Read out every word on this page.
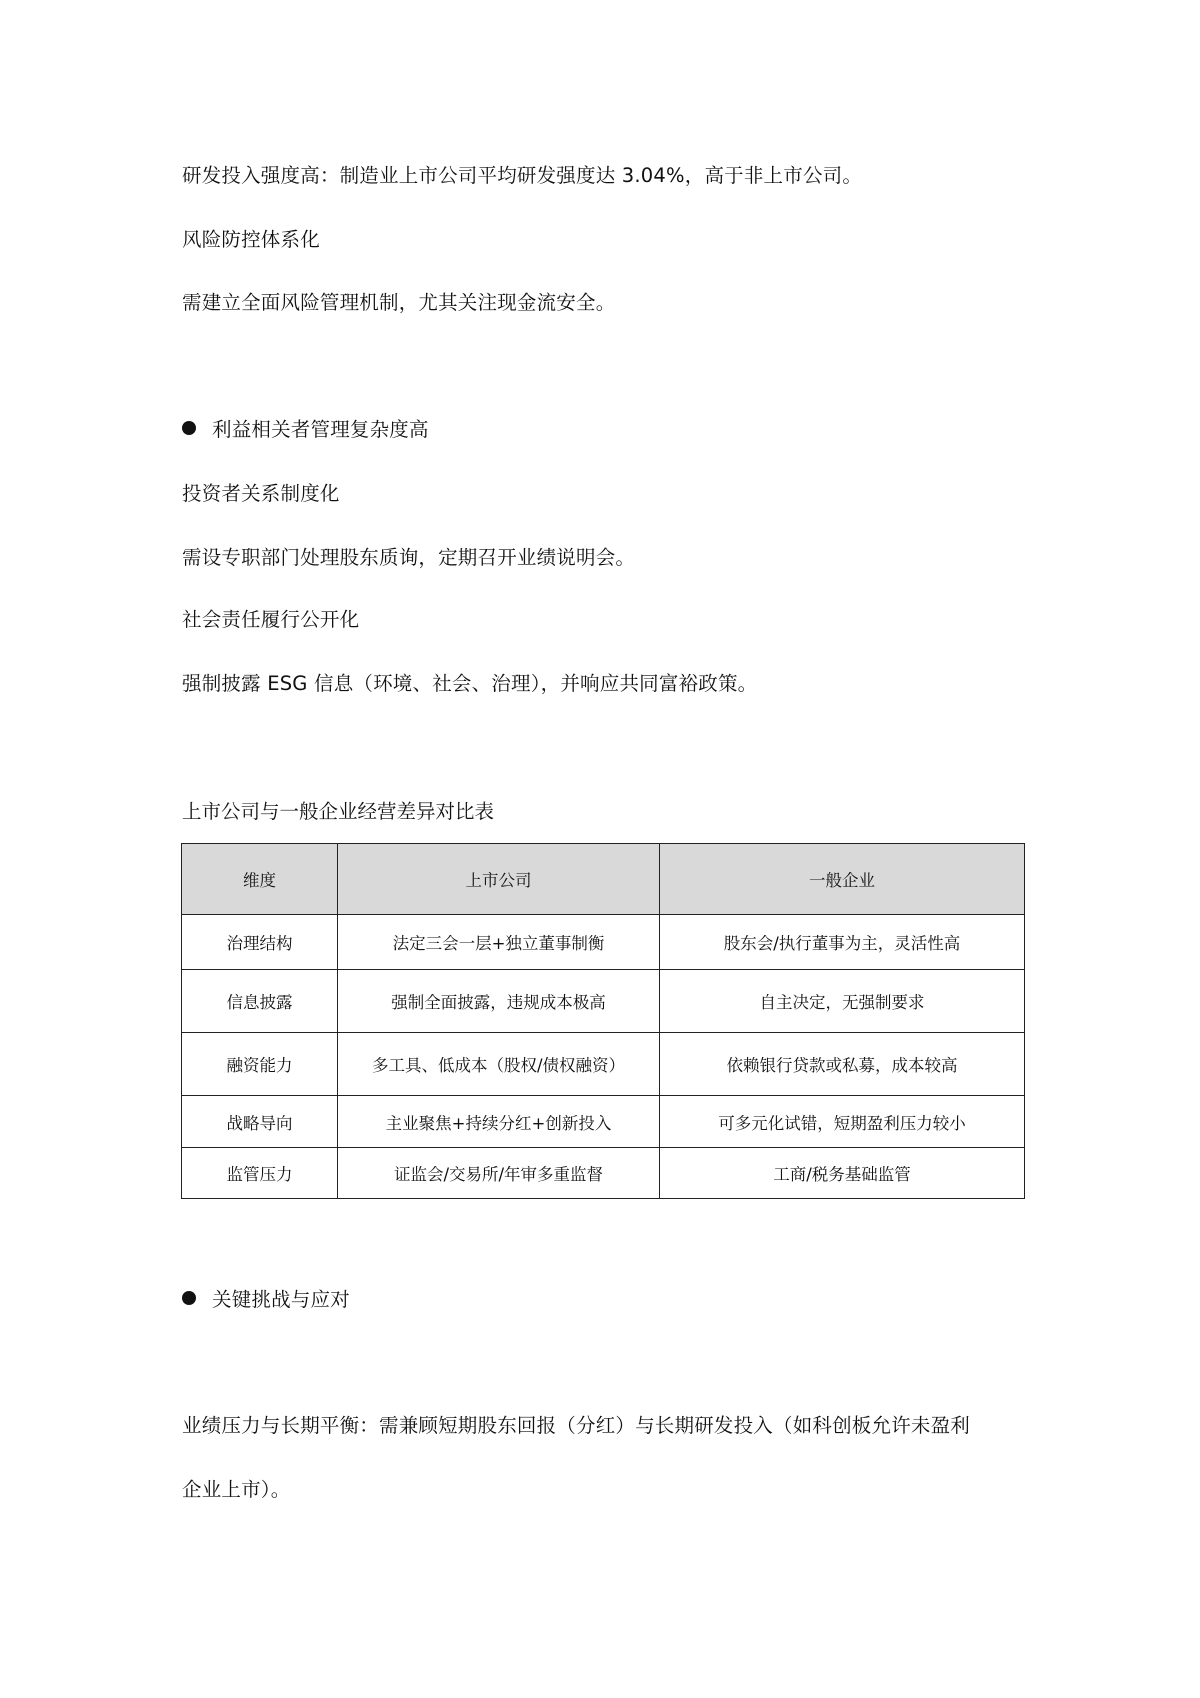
研发投入强度高：制造业上市公司平均研发强度达 3.04%，高于非上市公司。
风险防控体系化
需建立全面风险管理机制，尤其关注现金流安全。
利益相关者管理复杂度高
投资者关系制度化
需设专职部门处理股东质询，定期召开业绩说明会。
社会责任履行公开化
强制披露 ESG 信息（环境、社会、治理），并响应共同富裕政策。
上市公司与一般企业经营差异对比表
维度	上市公司	一般企业
治理结构	法定三会一层+独立董事制衡	股东会/执行董事为主，灵活性高
信息披露	强制全面披露，违规成本极高	自主决定，无强制要求
融资能力	多工具、低成本（股权/债权融资）	依赖银行贷款或私募，成本较高
战略导向	主业聚焦+持续分红+创新投入	可多元化试错，短期盈利压力较小
监管压力	证监会/交易所/年审多重监督	工商/税务基础监管
关键挑战与应对
业绩压力与长期平衡：需兼顾短期股东回报（分红）与长期研发投入（如科创板允许未盈利
企业上市）。
